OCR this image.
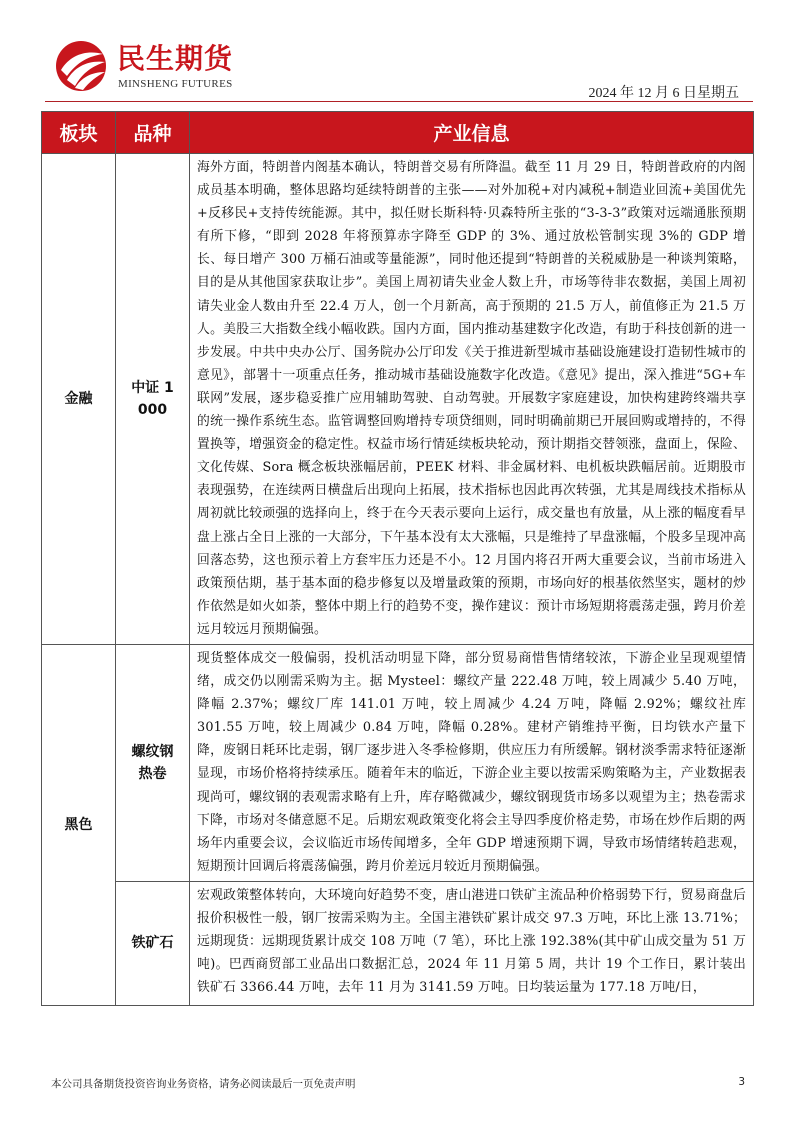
民生期货
MINSHENG FUTURES
2024 年 12 月 6 日星期五
板块	品种	产业信息
金融	中证 1000	海外方面，特朗普内阁基本确认，特朗普交易有所降温。截至 11 月 29 日，特朗普政府的内阁成员基本明确，整体思路均延续特朗普的主张——对外加税+对内减税+制造业回流+美国优先+反移民+支持传统能源。其中，拟任财长斯科特·贝森特所主张的“3-3-3”政策对远端通胀预期有所下修，“即到 2028 年将预算赤字降至 GDP 的 3%、通过放松管制实现 3%的 GDP 增长、每日增产 300 万桶石油或等量能源”，同时他还提到“特朗普的关税威胁是一种谈判策略，目的是从其他国家获取让步”。美国上周初请失业金人数上升，市场等待非农数据，美国上周初请失业金人数由升至 22.4 万人，创一个月新高，高于预期的 21.5 万人，前值修正为 21.5 万人。美股三大指数全线小幅收跌。国内方面，国内推动基建数字化改造，有助于科技创新的进一步发展。中共中央办公厅、国务院办公厅印发《关于推进新型城市基础设施建设打造韧性城市的意见》，部署十一项重点任务，推动城市基础设施数字化改造。《意见》提出，深入推进“5G+车联网”发展，逐步稳妥推广应用辅助驾驶、自动驾驶。开展数字家庭建设，加快构建跨终端共享的统一操作系统生态。监管调整回购增持专项贷细则，同时明确前期已开展回购或增持的，不得置换等，增强资金的稳定性。权益市场行情延续板块轮动，预计期指交替领涨，盘面上，保险、文化传媒、Sora 概念板块涨幅居前，PEEK 材料、非金属材料、电机板块跌幅居前。近期股市表现强势，在连续两日横盘后出现向上拓展，技术指标也因此再次转强，尤其是周线技术指标从周初就比较顽强的选择向上，终于在今天表示要向上运行，成交量也有放量，从上涨的幅度看早盘上涨占全日上涨的一大部分，下午基本没有太大涨幅，只是维持了早盘涨幅，个股多呈现冲高回落态势，这也预示着上方套牢压力还是不小。12 月国内将召开两大重要会议，当前市场进入政策预估期，基于基本面的稳步修复以及增量政策的预期，市场向好的根基依然坚实，题材的炒作依然是如火如荼，整体中期上行的趋势不变，操作建议：预计市场短期将震荡走强，跨月价差远月较远月预期偏强。
黑色	螺纹钢热卷	现货整体成交一般偏弱，投机活动明显下降，部分贸易商惜售情绪较浓，下游企业呈现观望情绪，成交仍以刚需采购为主。据 Mysteel：螺纹产量 222.48 万吨，较上周减少 5.40 万吨，降幅 2.37%；螺纹厂库 141.01 万吨，较上周减少 4.24 万吨，降幅 2.92%；螺纹社库 301.55 万吨，较上周减少 0.84 万吨，降幅 0.28%。建材产销维持平衡，日均铁水产量下降，废钢日耗环比走弱，钢厂逐步进入冬季检修期，供应压力有所缓解。钢材淡季需求特征逐渐显现，市场价格将持续承压。随着年末的临近，下游企业主要以按需采购策略为主，产业数据表现尚可，螺纹钢的表观需求略有上升，库存略微减少，螺纹钢现货市场多以观望为主；热卷需求下降，市场对冬储意愿不足。后期宏观政策变化将会主导四季度价格走势，市场在炒作后期的两场年内重要会议，会议临近市场传闻增多，全年 GDP 增速预期下调，导致市场情绪转趋悲观，短期预计回调后将震荡偏强，跨月价差远月较近月预期偏强。
	铁矿石	宏观政策整体转向，大环境向好趋势不变，唐山港进口铁矿主流品种价格弱势下行，贸易商盘后报价积极性一般，钢厂按需采购为主。全国主港铁矿累计成交 97.3 万吨，环比上涨 13.71%；远期现货：远期现货累计成交 108 万吨（7 笔），环比上涨 192.38%(其中矿山成交量为 51 万吨)。巴西商贸部工业品出口数据汇总，2024 年 11 月第 5 周，共计 19 个工作日，累计装出铁矿石 3366.44 万吨，去年 11 月为 3141.59 万吨。日均装运量为 177.18 万吨/日，
本公司具备期货投资咨询业务资格，请务必阅读最后一页免责声明	3
